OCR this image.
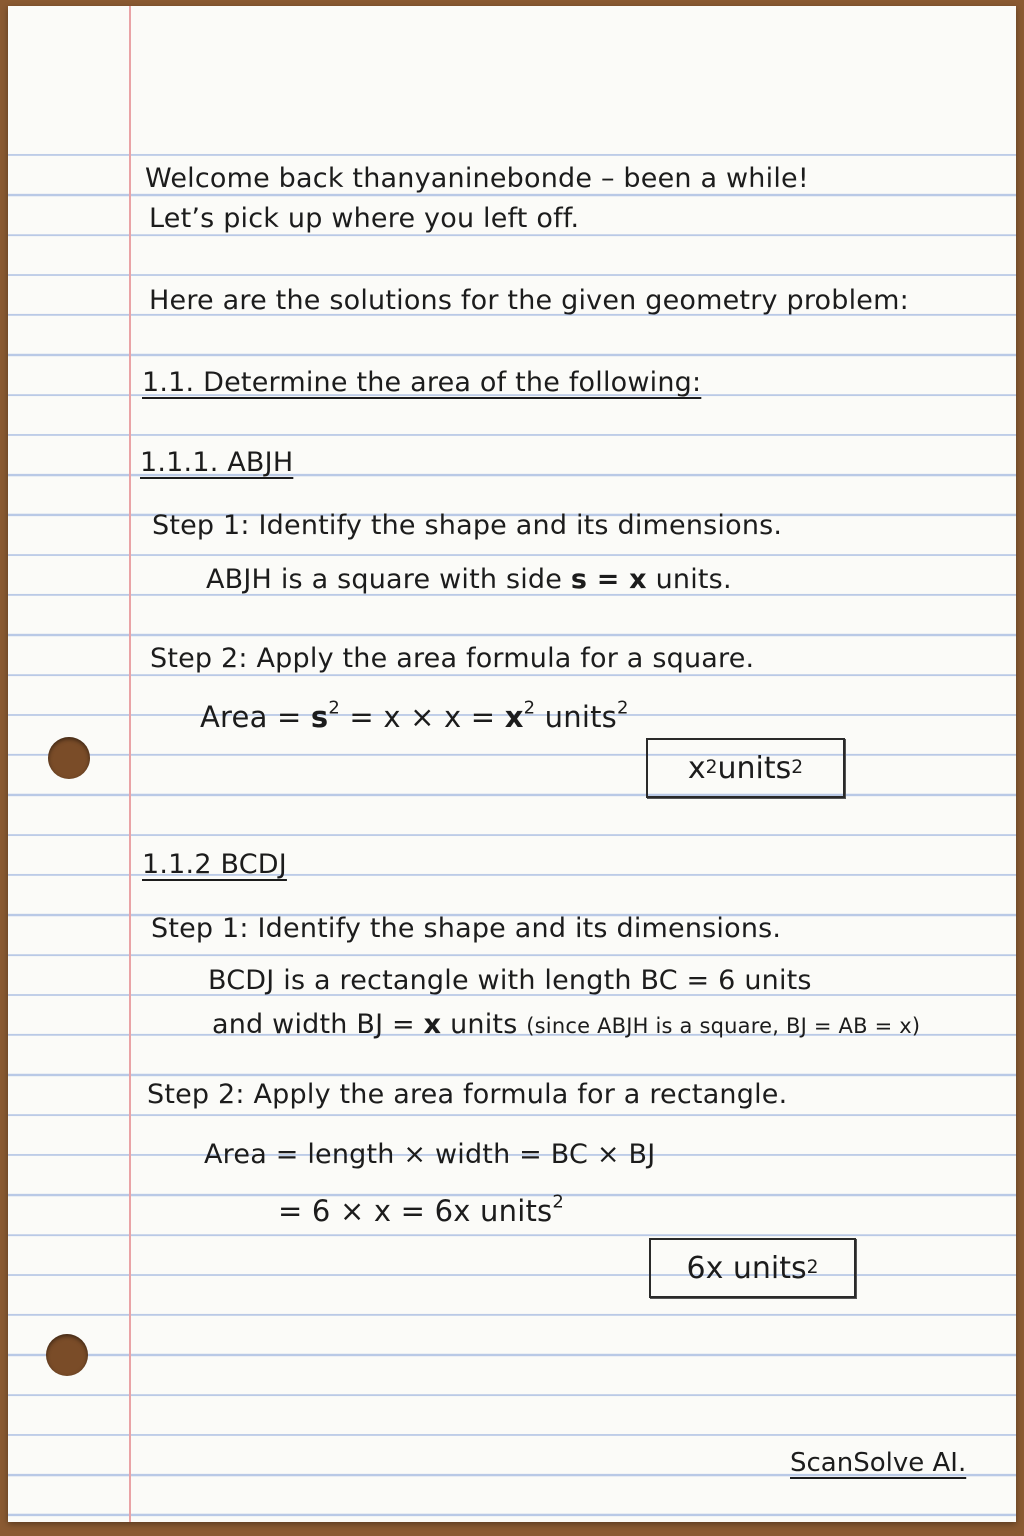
Welcome back thanyaninebonde – been a while!
Let’s pick up where you left off.
Here are the solutions for the given geometry problem:
1.1. Determine the area of the following:
1.1.1. ABJH
Step 1: Identify the shape and its dimensions.
ABJH is a square with side s = x units.
Step 2: Apply the area formula for a square.
Area = $s^2 = x \times x = x^2$ units$^2$
x 2 units 2
1.1.2 BCDJ
Step 1: Identify the shape and its dimensions.
BCDJ is a rectangle with length BC = 6 units
and width BJ = x units (since ABJH is a square, BJ = AB = x)
Step 2: Apply the area formula for a rectangle.
Area = length × width = BC × BJ
= 6 × x = 6x units$^2$
6x units 2
ScanSolve AI.
